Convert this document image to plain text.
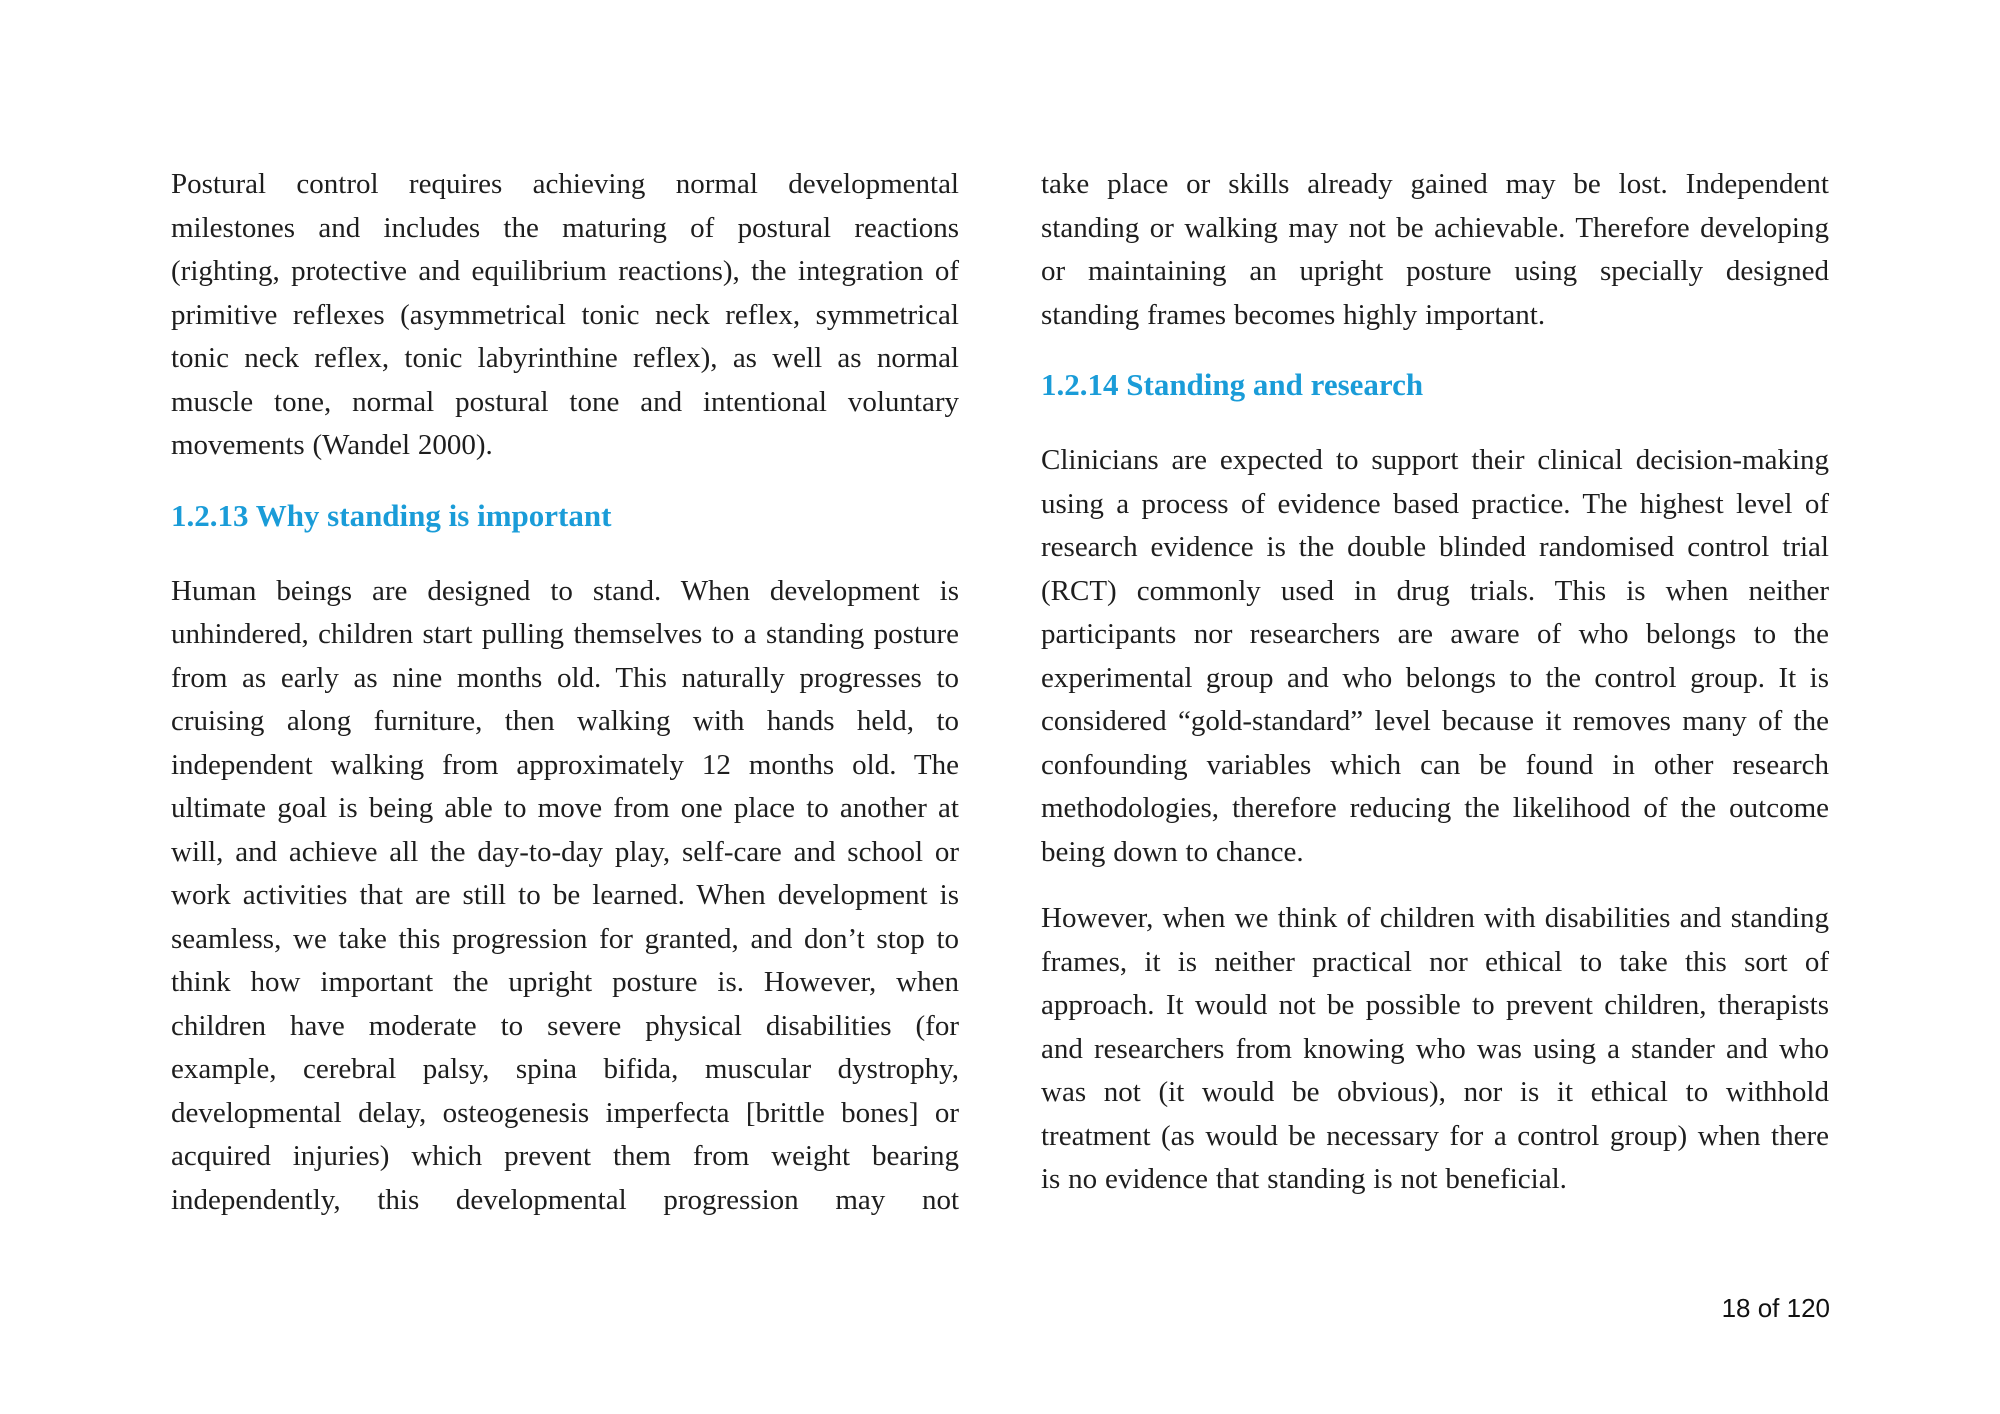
Postural control requires achieving normal developmental milestones and includes the maturing of postural reactions (righting, protective and equilibrium reactions), the integration of primitive reflexes (asymmetrical tonic neck reflex, symmetrical tonic neck reflex, tonic labyrinthine reflex), as well as normal muscle tone, normal postural tone and intentional voluntary movements (Wandel 2000).

1.2.13 Why standing is important

Human beings are designed to stand. When development is unhindered, children start pulling themselves to a standing posture from as early as nine months old. This naturally progresses to cruising along furniture, then walking with hands held, to independent walking from approximately 12 months old. The ultimate goal is being able to move from one place to another at will, and achieve all the day-to-day play, self-care and school or work activities that are still to be learned. When development is seamless, we take this progression for granted, and don’t stop to think how important the upright posture is. However, when children have moderate to severe physical disabilities (for example, cerebral palsy, spina bifida, muscular dystrophy, developmental delay, osteogenesis imperfecta [brittle bones] or acquired injuries) which prevent them from weight bearing independently, this developmental progression may not

take place or skills already gained may be lost. Independent standing or walking may not be achievable. Therefore developing or maintaining an upright posture using specially designed standing frames becomes highly important.

1.2.14 Standing and research

Clinicians are expected to support their clinical decision-making using a process of evidence based practice. The highest level of research evidence is the double blinded randomised control trial (RCT) commonly used in drug trials. This is when neither participants nor researchers are aware of who belongs to the experimental group and who belongs to the control group. It is considered “gold-standard” level because it removes many of the confounding variables which can be found in other research methodologies, therefore reducing the likelihood of the outcome being down to chance.

However, when we think of children with disabilities and standing frames, it is neither practical nor ethical to take this sort of approach. It would not be possible to prevent children, therapists and researchers from knowing who was using a stander and who was not (it would be obvious), nor is it ethical to withhold treatment (as would be necessary for a control group) when there is no evidence that standing is not beneficial.

18 of 120
